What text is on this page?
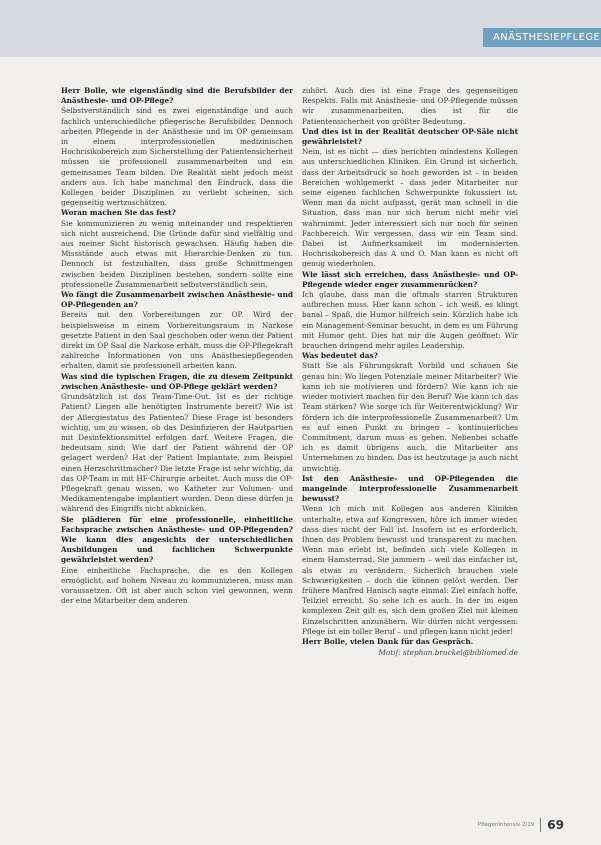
ANÄSTHESIEPFLEGE

Herr Bolle, wie eigenständig sind die Berufsbilder der Anästhesie- und OP-Pflege?

Selbstverständlich sind es zwei eigenständige und auch fachlich unterschiedliche pflegerische Berufsbilder. Dennoch arbeiten Pflegende in der Anästhesie und im OP gemeinsam in einem interprofessionellen medizinischen Hochrisikobereich zum Sicherstellung der Patientensicherheit müssen sie professionell zusammenarbeiten und ein gemeinsames Team bilden. Die Realität sieht jedoch meist anders aus. Ich habe manchmal den Eindruck, dass die Kollegen beider Disziplinen zu verliebt scheinen, sich gegenseitig wertzuschätzen.

Woran machen Sie das fest?

Sie kommunizieren zu wenig miteinander und respektieren sich nicht ausreichend. Die Gründe dafür sind vielfältig und aus meiner Sicht historisch gewachsen. Häufig haben die Missstände auch etwas mit Hierarchie-Denken zu tun. Dennoch ist festzuhalten, dass große Schnittmengen zwischen beiden Disziplinen bestehen, sondern sollte eine professionelle Zusammenarbeit selbstverständlich sein.

Wo fängt die Zusammenarbeit zwischen Anästhesie- und OP-Pflegenden an?

Bereits mit den Vorbereitungen zur OP. Wird der beispielsweise in einem Vorbereitungsraum in Narkose gesetzte Patient in den Saal geschoben oder wenn der Patient direkt im OP Saal die Narkose erhält, muss die OP-Pflegekraft zahlreiche Informationen von uns Anästhesiepflegenden erhalten, damit sie professionell arbeiten kann.

Was sind die typischen Fragen, die zu diesem Zeitpunkt zwischen Anästhesie- und OP-Pflege geklärt werden?

Grundsätzlich ist das Team-Time-Out. Ist es der richtige Patient? Liegen alle benötigten Instrumente bereit? Wie ist der Allergiestatus des Patienten? Diese Frage ist besonders wichtig, um zu wissen, ob das Desinfizieren der Hautpartien mit Desinfektionsmittel erfolgen darf. Weitere Fragen, die bedeutsam sind: Wie darf der Patient während der OP gelagert werden? Hat der Patient Implantate, zum Beispiel einen Herzschrittmacher? Die letzte Frage ist sehr wichtig, da das OP-Team in mit HF-Chirurgie arbeitet. Auch muss die OP-Pflegekraft genau wissen, wo Katheter zur Volumen- und Medikamentengabe implantiert wurden. Denn diese dürfen ja während des Eingriffs nicht abknicken.

Sie plädieren für eine professionelle, einheitliche Fachsprache zwischen Anästhesie- und OP-Pflegenden? Wie kann dies angesichts der unterschiedlichen Ausbildungen und fachlichen Schwerpunkte gewährleistet werden?

Eine einheitliche Fachsprache, die es den Kollegen ermöglicht, auf hohem Niveau zu kommunizieren, muss man voraussetzen. Oft ist aber auch schon viel gewonnen, wenn der eine Mitarbeiter dem anderen

zuhört. Auch dies ist eine Frage des gegenseitigen Respekts. Falls mit Anästhesie- und OP-Pflegende müssen wir zusammenarbeiten, dies ist für die Patientensicherheit von größter Bedeutung.

Und dies ist in der Realität deutscher OP-Säle nicht gewährleistet?

Nein, ist es nicht — dies berichten mindestens Kollegen aus unterschiedlichen Kliniken. Ein Grund ist sicherlich, dass der Arbeitsdruck so hoch geworden ist – in beiden Bereichen wohlgemerkt – dass jeder Mitarbeiter nur seine eigenen fachlichen Schwerpunkte fokussiert ist. Wenn man da nicht aufpasst, gerät man schnell in die Situation, dass man nur sich herum nicht mehr viel wahrnimmt. Jeder interessiert sich nur noch für seinen Fachbereich. Wir vergessen, dass wir ein Team sind. Dabei ist Aufmerksamkeit im modernisierten Hochrisikobereich das A und O. Man kann es nicht oft genug wiederholen.

Wie lässt sich erreichen, dass Anästhesie- und OP-Pflegende wieder enger zusammenrücken?

Ich glaube, dass man die oftmals starren Strukturen aufbrechen muss. Hier kann schon – ich weiß, es klingt banal – Spaß, die Humor hilfreich sein. Kürzlich habe ich ein Management-Seminar besucht, in dem es um Führung mit Humor geht. Dies hat mir die Augen geöffnet: Wir brauchen dringend mehr agiles Leadership.

Was bedeutet das?

Statt Sie als Führungskraft Vorbild und schauen Sie genau hin: Wo liegen Potenziale meiner Mitarbeiter? Wie kann ich sie motivieren und fördern? Wie kann ich sie wieder motiviert machen für den Beruf? Wie kann ich das Team stärken? Wie sorge ich für Weiterentwicklung? Wir fördern ich die interprofessionelle Zusammenarbeit? Um es auf einen Punkt zu bringen – kontinuierliches Commitment, darum muss es gehen. Nebenbei schaffe ich es damit übrigens auch, die Mitarbeiter ans Unternehmen zu binden. Das ist heutzutage ja auch nicht unwichtig.

Ist den Anästhesie- und OP-Pflegenden die mangelnde interprofessionelle Zusammenarbeit bewusst?

Wenn ich mich mit Kollegen aus anderen Kliniken unterhalte, etwa auf Kongressen, höre ich immer wieder, dass dies nicht der Fall ist. Insofern ist es erforderlich, Ihnen das Problem bewusst und transparent zu machen. Wenn man erlebt ist, befinden sich viele Kollegen in einem Hamsterrad. Sie jammern – weil das einfacher ist, als etwas zu verändern. Sicherlich brauchen viele Schwierigkeiten – doch die können gelöst werden. Der frühere Manfred Hanisch sagte einmal: Ziel einfach hoffe, Teilziel erreicht. So sehe ich es auch. In der im eigen komplexen Zeit gilt es, sich dem großen Ziel mit kleinen Einzelschritten anzunähern. Wir dürfen nicht vergessen: Pflege ist ein toller Beruf – und pflegen kann nicht jeder!

Herr Bolle, vielen Dank für das Gespräch.

Motif: stephan.bruckel@bibliomed.de

PflegenIntensiv 2/19 69
